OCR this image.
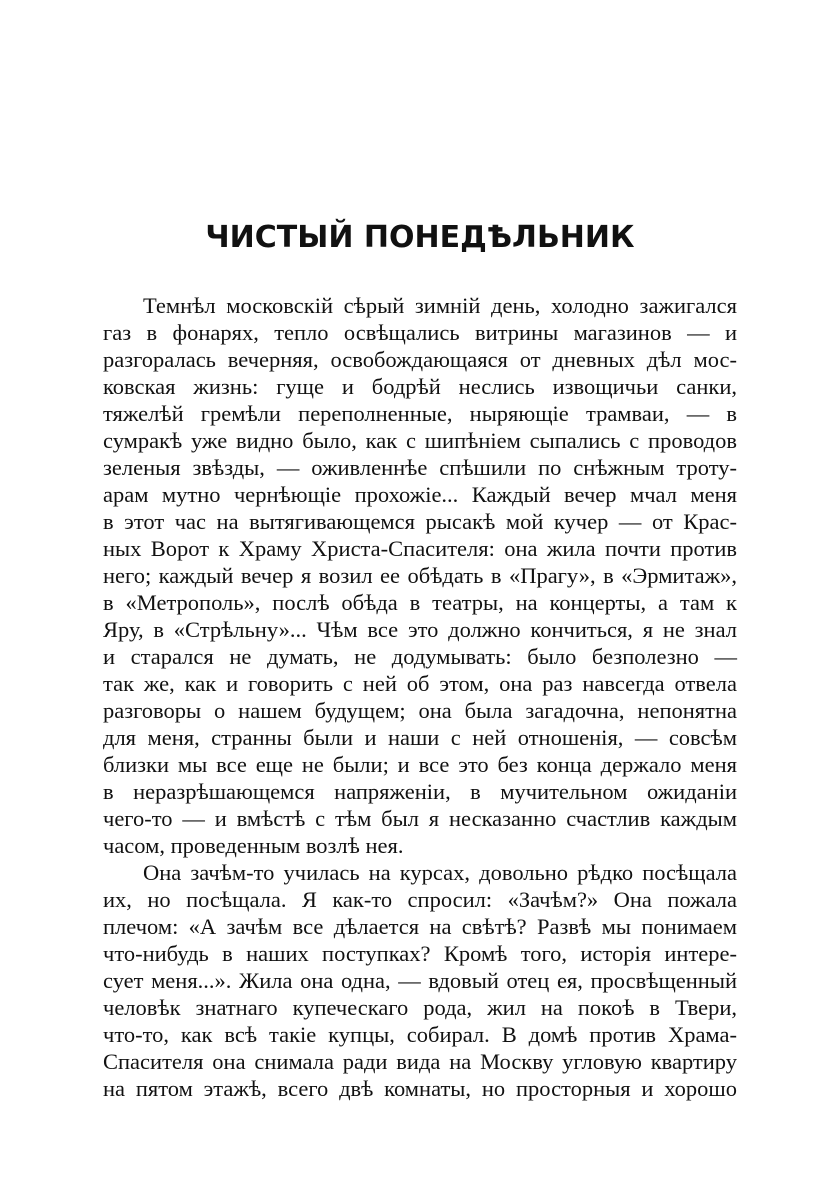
ЧИСТЫЙ ПОНЕДѢЛЬНИК
Темнѣл московскій сѣрый зимній день, холодно зажигался
газ в фонарях, тепло освѣщались витрины магазинов — и
разгоралась вечерняя, освобождающаяся от дневных дѣл мос-
ковская жизнь: гуще и бодрѣй неслись извощичьи санки,
тяжелѣй гремѣли переполненные, ныряющіе трамваи, — в
сумракѣ уже видно было, как с шипѣніем сыпались с проводов
зеленыя звѣзды, — оживленнѣе спѣшили по снѣжным троту-
арам мутно чернѣющіе прохожіе... Каждый вечер мчал меня
в этот час на вытягивающемся рысакѣ мой кучер — от Крас-
ных Ворот к Храму Христа-Спасителя: она жила почти против
него; каждый вечер я возил ее обѣдать в «Прагу», в «Эрмитаж»,
в «Метрополь», послѣ обѣда в театры, на концерты, а там к
Яру, в «Стрѣльну»... Чѣм все это должно кончиться, я не знал
и старался не думать, не додумывать: было безполезно —
так же, как и говорить с ней об этом, она раз навсегда отвела
разговоры о нашем будущем; она была загадочна, непонятна
для меня, странны были и наши с ней отношенія, — совсѣм
близки мы все еще не были; и все это без конца держало меня
в неразрѣшающемся напряженіи, в мучительном ожиданіи
чего-то — и вмѣстѣ с тѣм был я несказанно счастлив каждым
часом, проведенным возлѣ нея.
Она зачѣм-то училась на курсах, довольно рѣдко посѣщала
их, но посѣщала. Я как-то спросил: «Зачѣм?» Она пожала
плечом: «А зачѣм все дѣлается на свѣтѣ? Развѣ мы понимаем
что-нибудь в наших поступках? Кромѣ того, исторія интере-
сует меня...». Жила она одна, — вдовый отец ея, просвѣщенный
человѣк знатнаго купеческаго рода, жил на покоѣ в Твери,
что-то, как всѣ такіе купцы, собирал. В домѣ против Храма-
Спасителя она снимала ради вида на Москву угловую квартиру
на пятом этажѣ, всего двѣ комнаты, но просторныя и хорошо
